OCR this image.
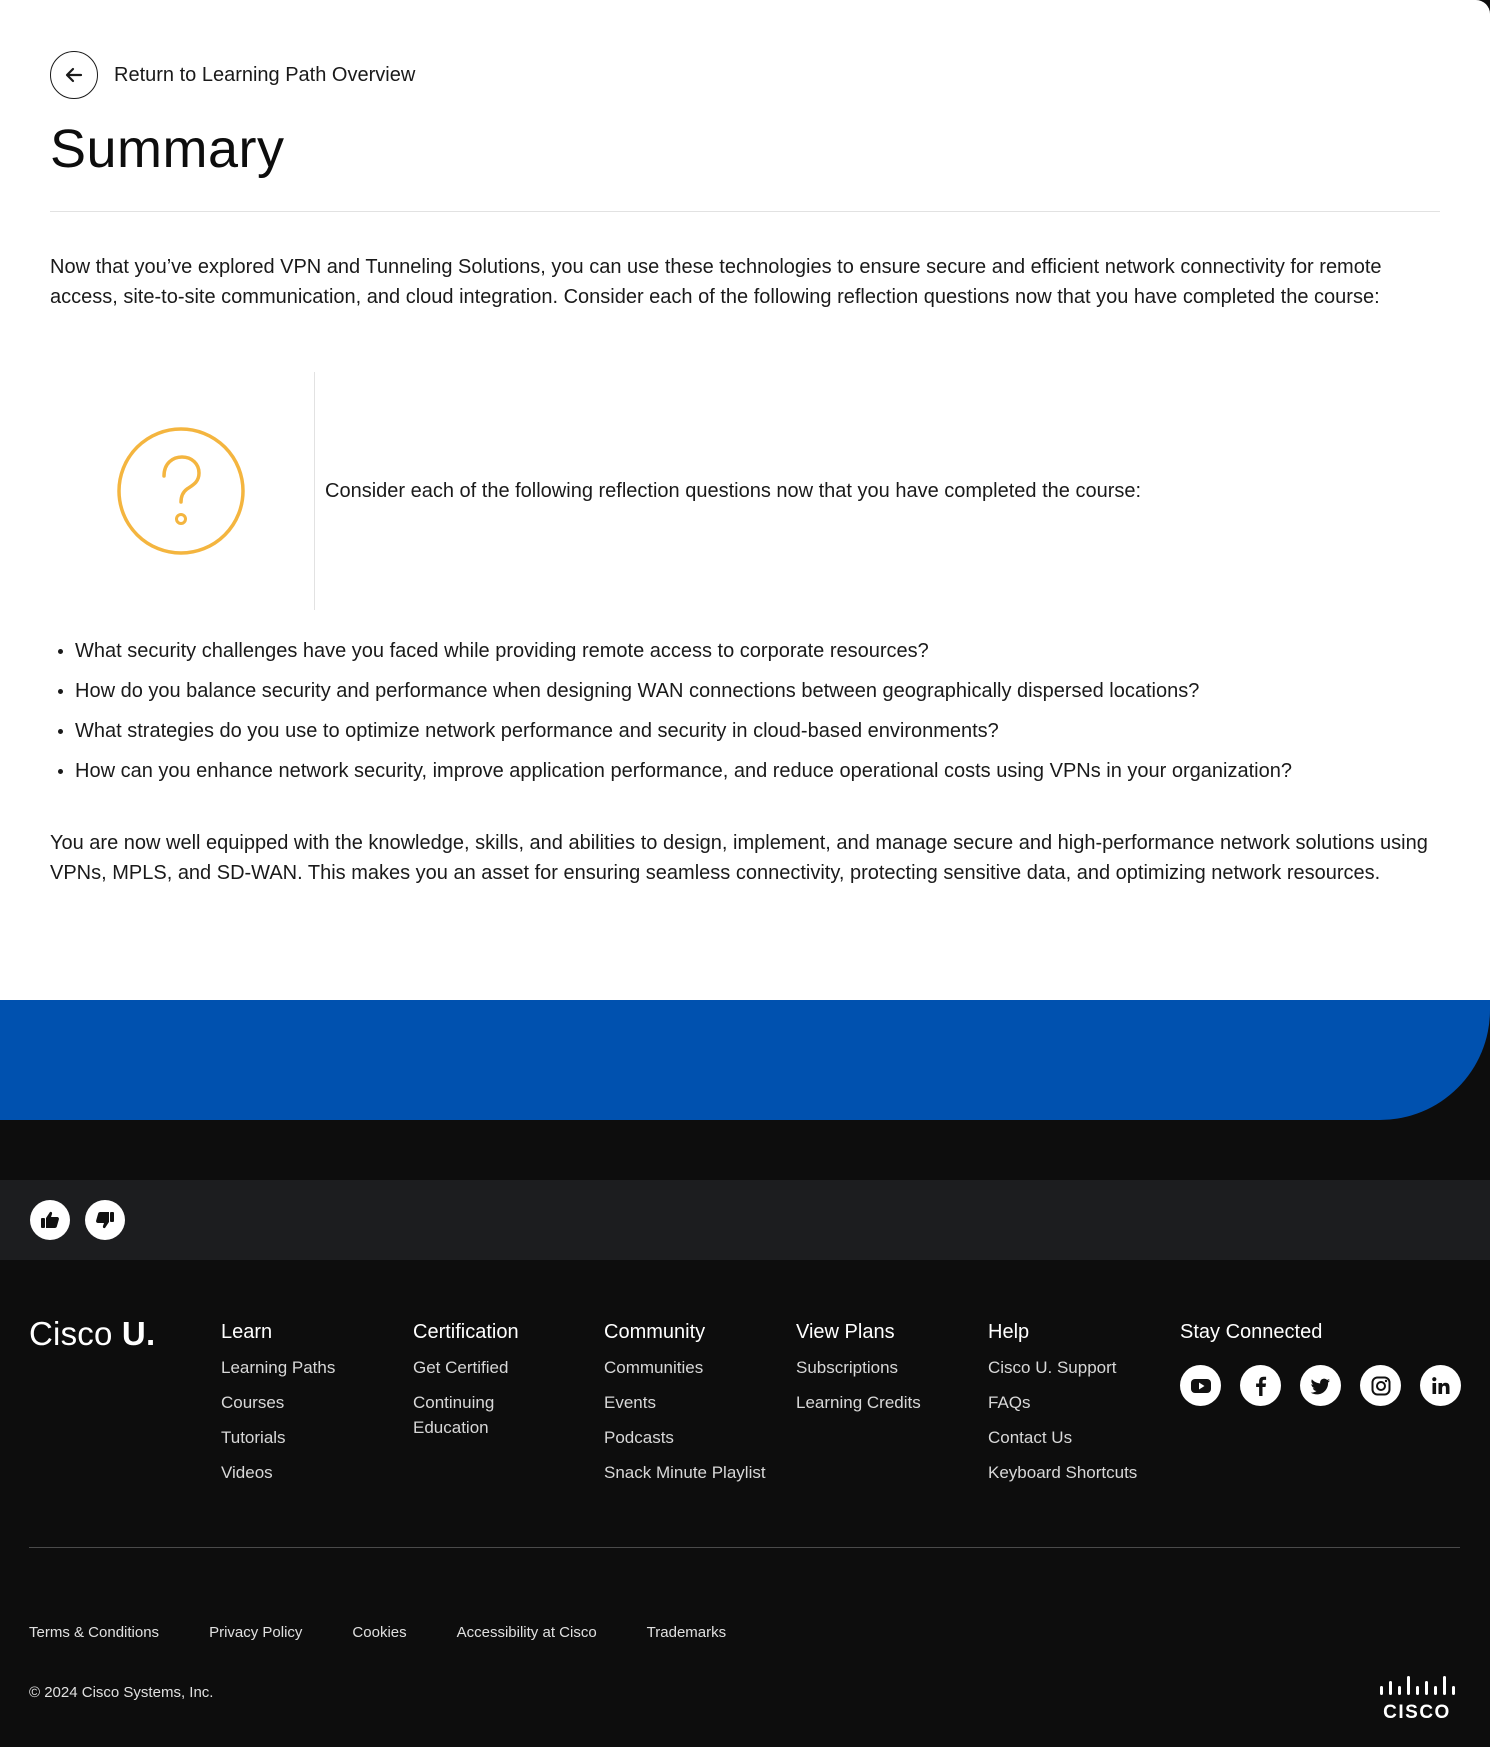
Return to Learning Path Overview
Summary

Now that you’ve explored VPN and Tunneling Solutions, you can use these technologies to ensure secure and efficient network connectivity for remote access, site-to-site communication, and cloud integration. Consider each of the following reflection questions now that you have completed the course:

Consider each of the following reflection questions now that you have completed the course:

What security challenges have you faced while providing remote access to corporate resources?
How do you balance security and performance when designing WAN connections between geographically dispersed locations?
What strategies do you use to optimize network performance and security in cloud-based environments?
How can you enhance network security, improve application performance, and reduce operational costs using VPNs in your organization?

You are now well equipped with the knowledge, skills, and abilities to design, implement, and manage secure and high-performance network solutions using VPNs, MPLS, and SD-WAN. This makes you an asset for ensuring seamless connectivity, protecting sensitive data, and optimizing network resources.

Cisco U.	Learn
Learning Paths
Courses
Tutorials
Videos
Certification
Get Certified
Continuing Education
Community
Communities
Events
Podcasts
Snack Minute Playlist
View Plans
Subscriptions
Learning Credits
Help
Cisco U. Support
FAQs
Contact Us
Keyboard Shortcuts
Stay Connected
Terms & Conditions	Privacy Policy	Cookies	Accessibility at Cisco	Trademarks
© 2024 Cisco Systems, Inc.
CISCO
